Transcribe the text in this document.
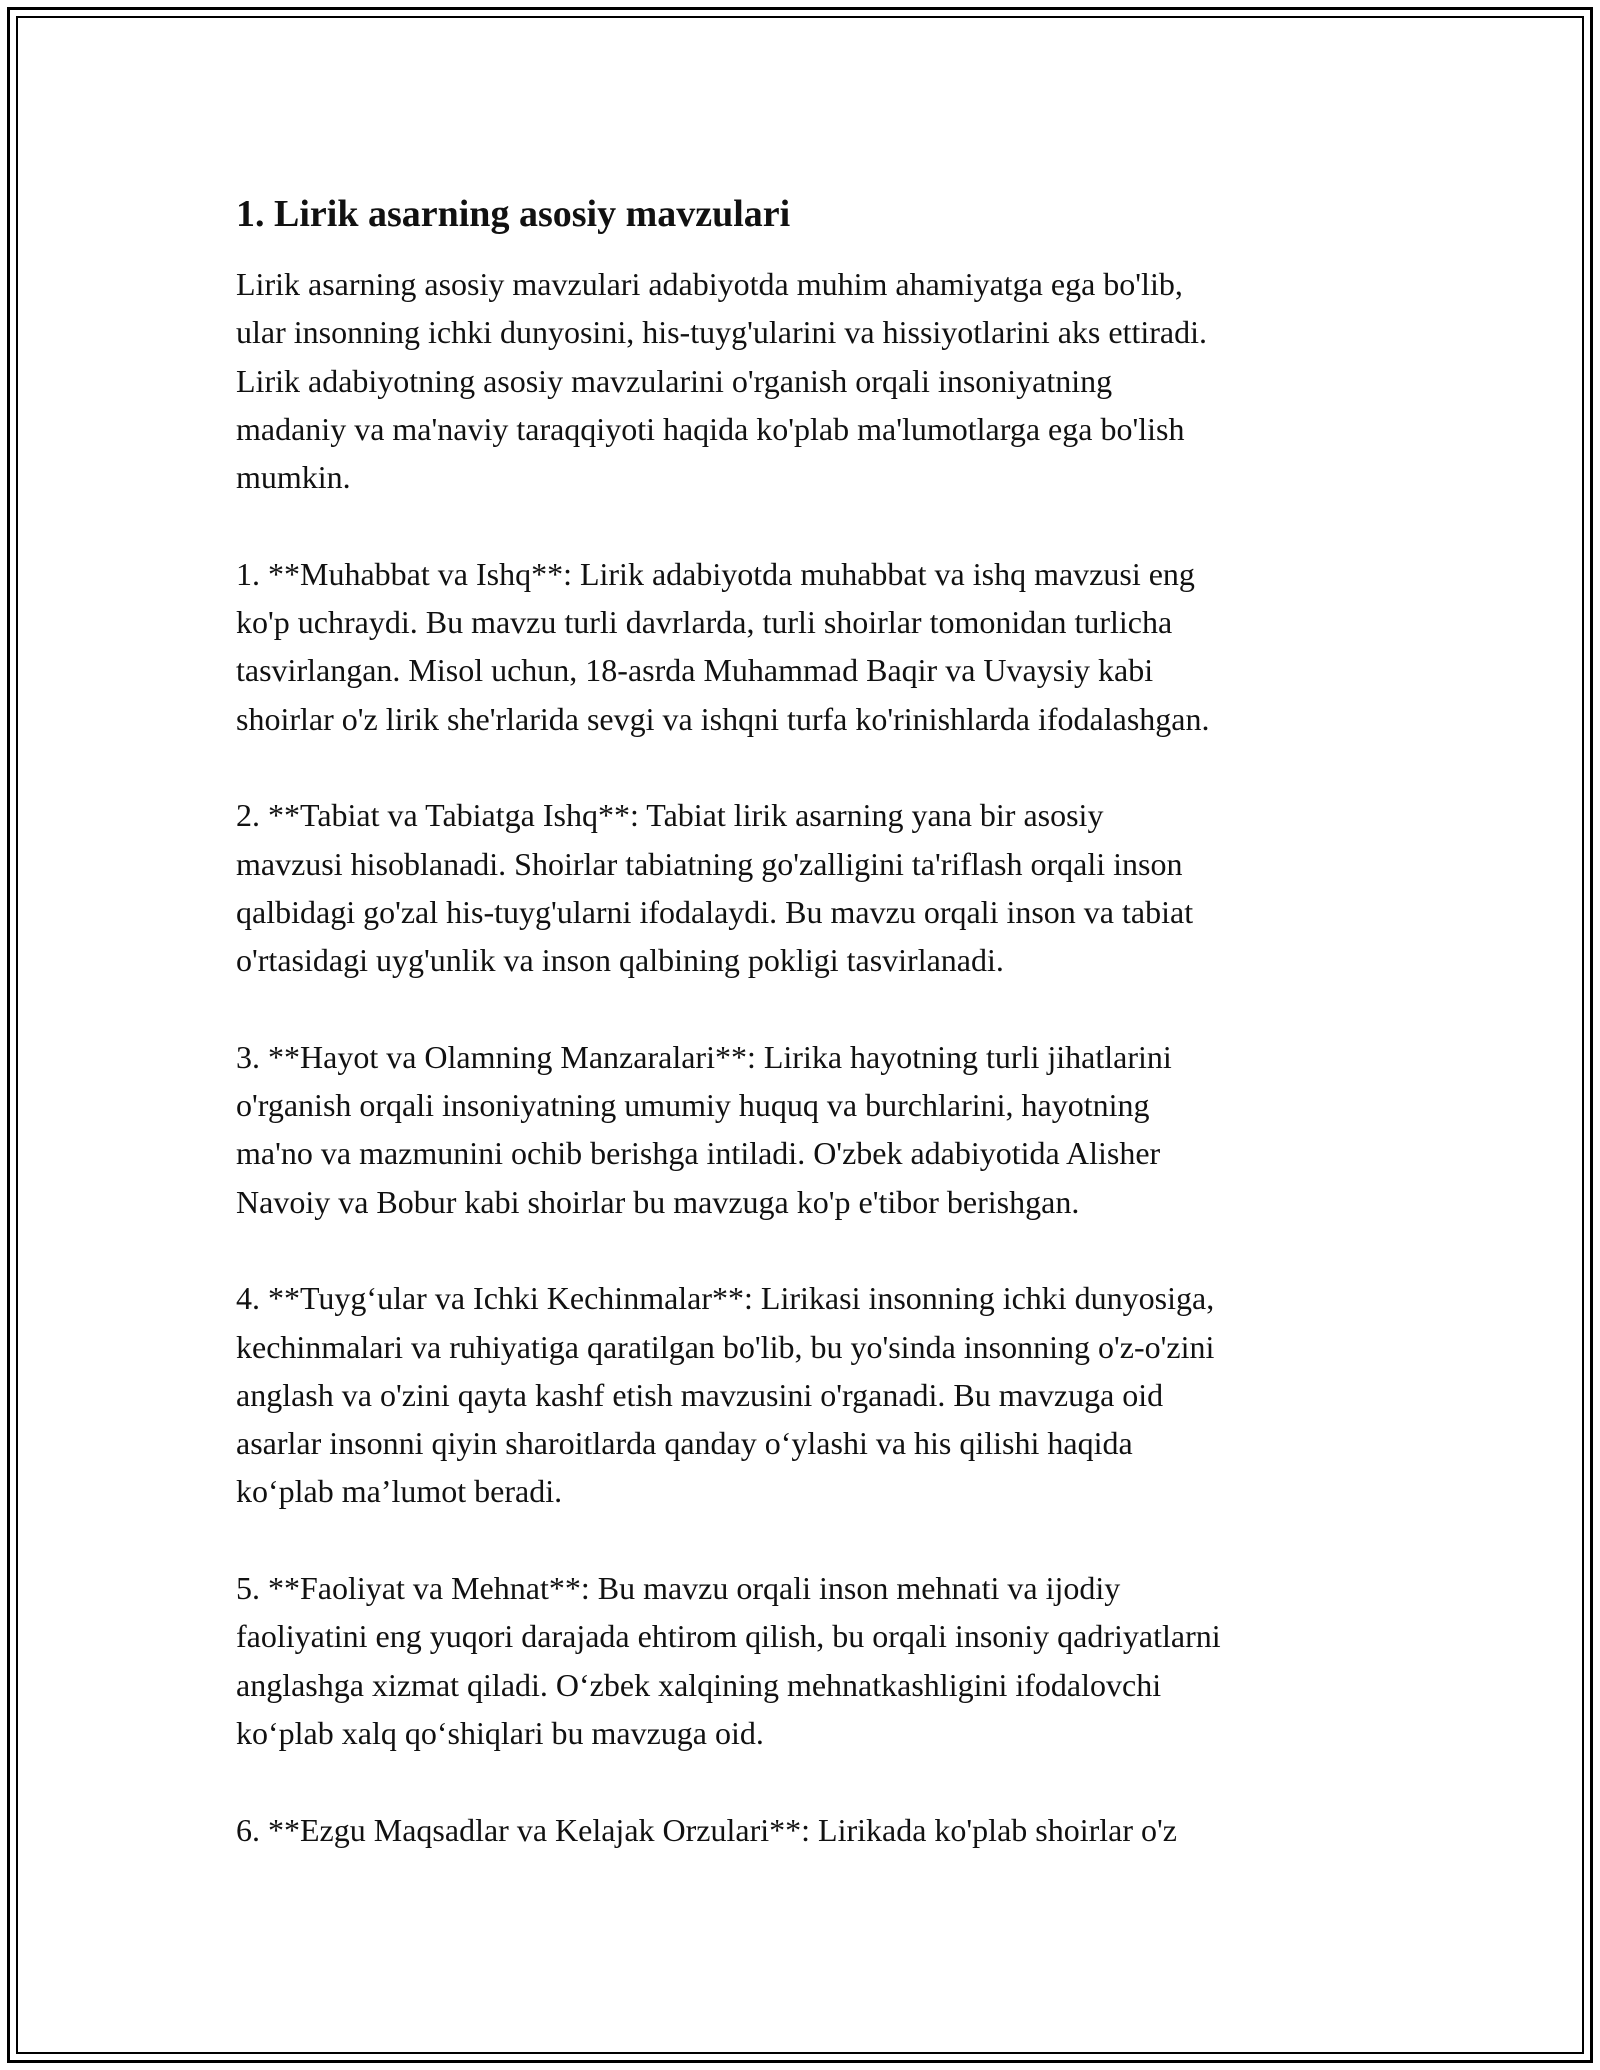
1. Lirik asarning asosiy mavzulari

Lirik asarning asosiy mavzulari adabiyotda muhim ahamiyatga ega bo'lib,
ular insonning ichki dunyosini, his-tuyg'ularini va hissiyotlarini aks ettiradi.
Lirik adabiyotning asosiy mavzularini o'rganish orqali insoniyatning
madaniy va ma'naviy taraqqiyoti haqida ko'plab ma'lumotlarga ega bo'lish
mumkin.

1. **Muhabbat va Ishq**: Lirik adabiyotda muhabbat va ishq mavzusi eng
ko'p uchraydi. Bu mavzu turli davrlarda, turli shoirlar tomonidan turlicha
tasvirlangan. Misol uchun, 18-asrda Muhammad Baqir va Uvaysiy kabi
shoirlar o'z lirik she'rlarida sevgi va ishqni turfa ko'rinishlarda ifodalashgan.

2. **Tabiat va Tabiatga Ishq**: Tabiat lirik asarning yana bir asosiy
mavzusi hisoblanadi. Shoirlar tabiatning go'zalligini ta'riflash orqali inson
qalbidagi go'zal his-tuyg'ularni ifodalaydi. Bu mavzu orqali inson va tabiat
o'rtasidagi uyg'unlik va inson qalbining pokligi tasvirlanadi.

3. **Hayot va Olamning Manzaralari**: Lirika hayotning turli jihatlarini
o'rganish orqali insoniyatning umumiy huquq va burchlarini, hayotning
ma'no va mazmunini ochib berishga intiladi. O'zbek adabiyotida Alisher
Navoiy va Bobur kabi shoirlar bu mavzuga ko'p e'tibor berishgan.

4. **Tuyg‘ular va Ichki Kechinmalar**: Lirikasi insonning ichki dunyosiga,
kechinmalari va ruhiyatiga qaratilgan bo'lib, bu yo'sinda insonning o'z-o'zini
anglash va o'zini qayta kashf etish mavzusini o'rganadi. Bu mavzuga oid
asarlar insonni qiyin sharoitlarda qanday o‘ylashi va his qilishi haqida
ko‘plab ma’lumot beradi.

5. **Faoliyat va Mehnat**: Bu mavzu orqali inson mehnati va ijodiy
faoliyatini eng yuqori darajada ehtirom qilish, bu orqali insoniy qadriyatlarni
anglashga xizmat qiladi. O‘zbek xalqining mehnatkashligini ifodalovchi
ko‘plab xalq qo‘shiqlari bu mavzuga oid.

6. **Ezgu Maqsadlar va Kelajak Orzulari**: Lirikada ko'plab shoirlar o'z
